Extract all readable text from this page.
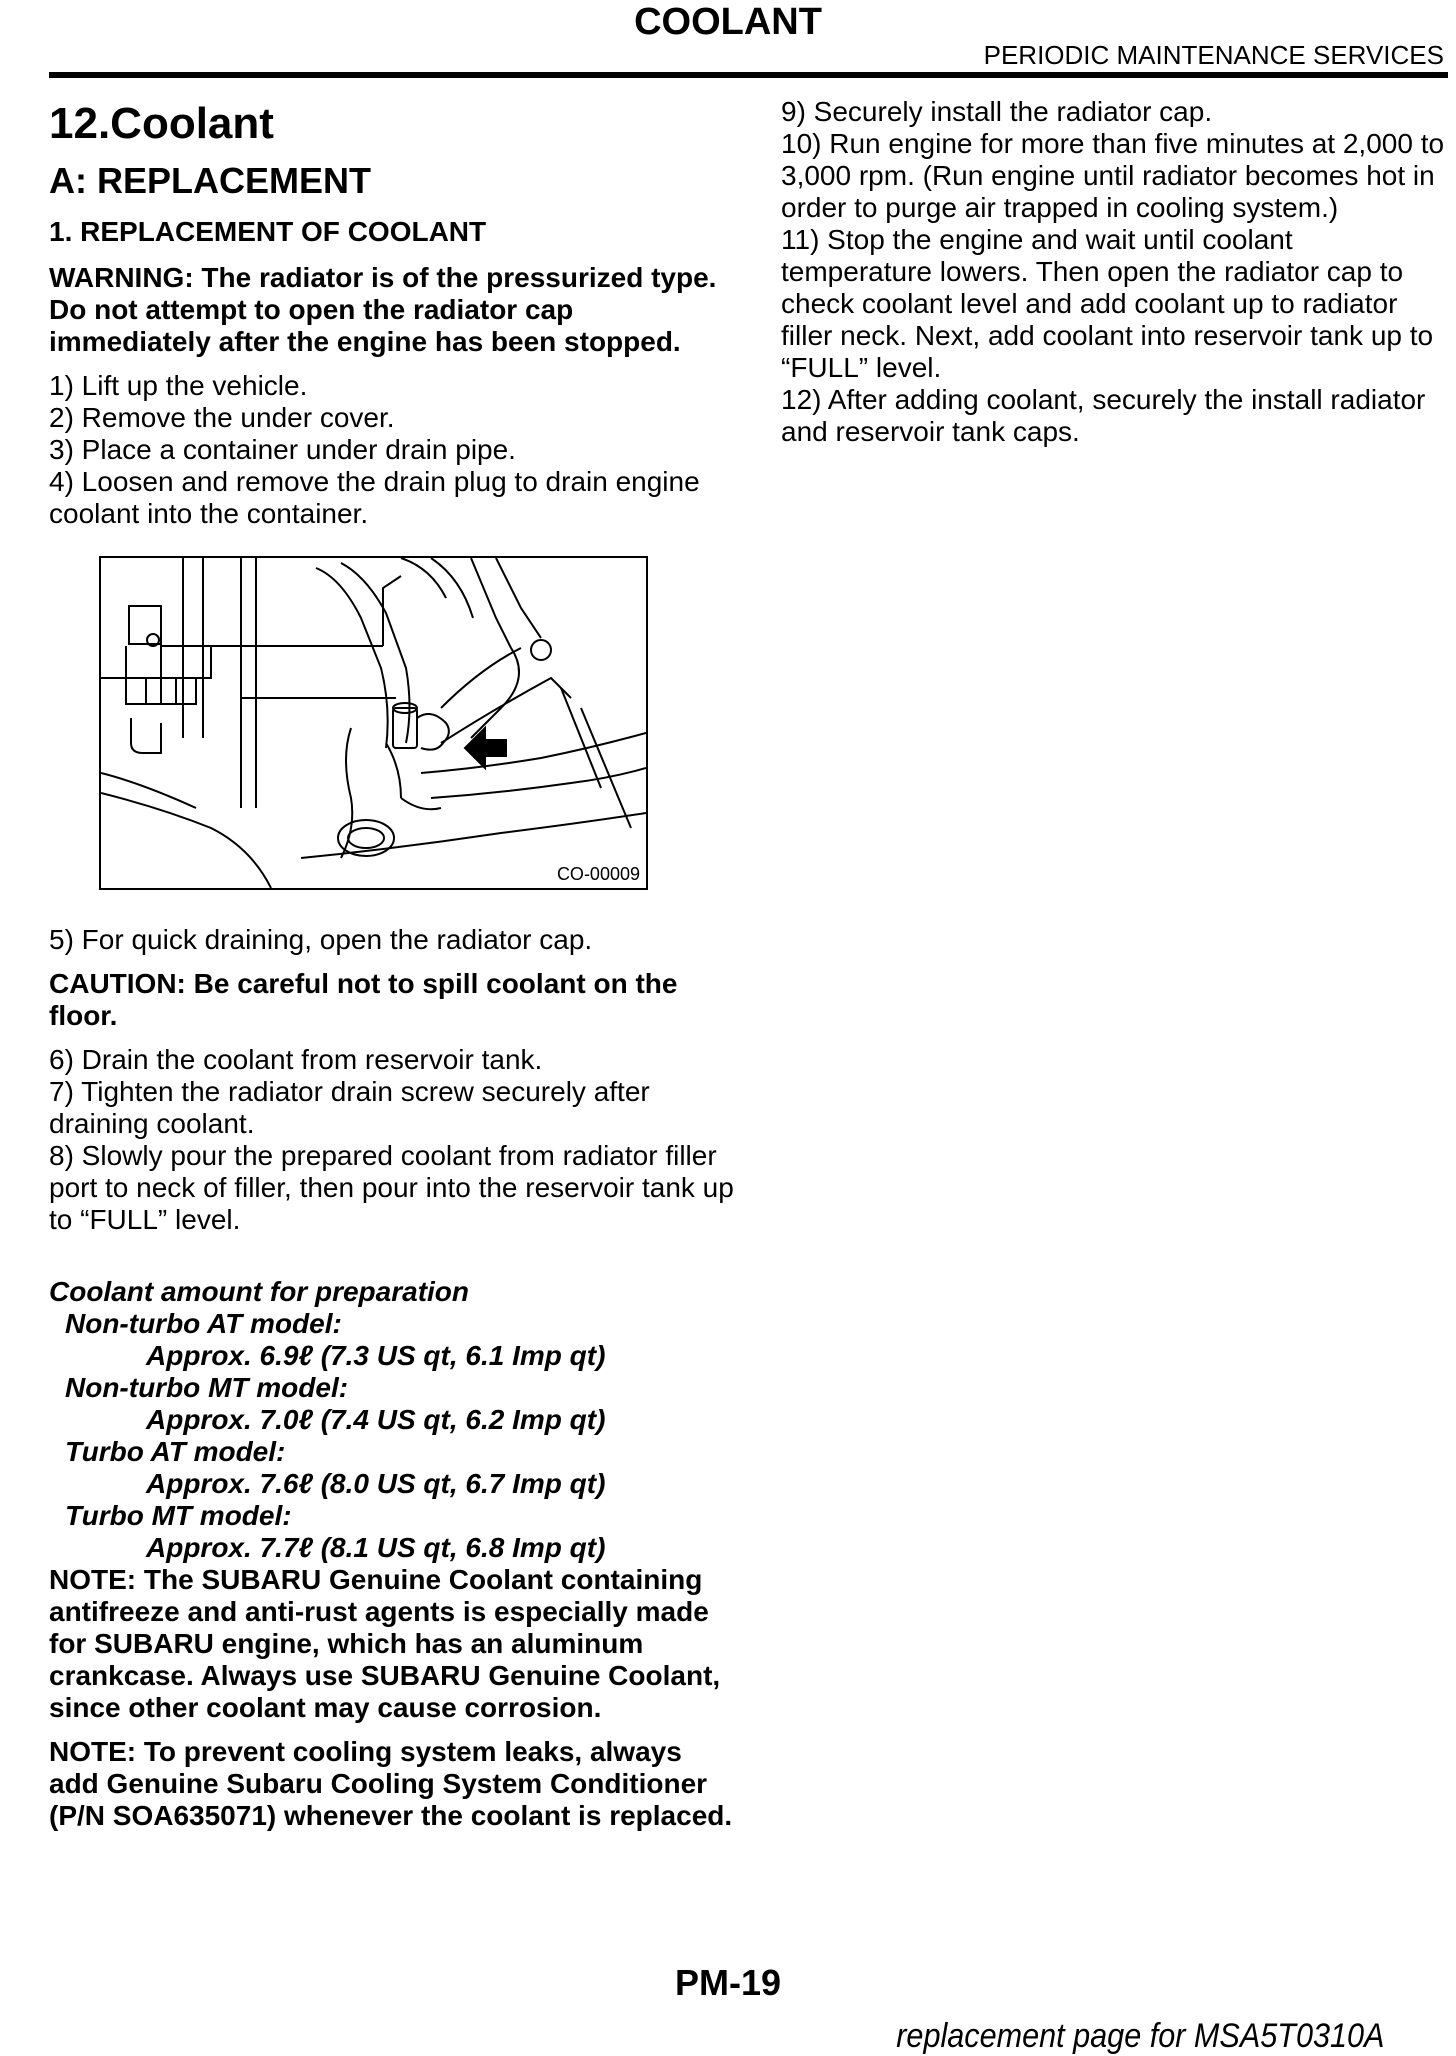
COOLANT
PERIODIC MAINTENANCE SERVICES
12.Coolant
A: REPLACEMENT
1. REPLACEMENT OF COOLANT
WARNING: The radiator is of the pressurized type. Do not attempt to open the radiator cap immediately after the engine has been stopped.
1) Lift up the vehicle.
2) Remove the under cover.
3) Place a container under drain pipe.
4) Loosen and remove the drain plug to drain engine coolant into the container.
CO-00009
5) For quick draining, open the radiator cap.
CAUTION: Be careful not to spill coolant on the floor.
6) Drain the coolant from reservoir tank.
7) Tighten the radiator drain screw securely after draining coolant.
8) Slowly pour the prepared coolant from radiator filler port to neck of filler, then pour into the reservoir tank up to “FULL” level.
Coolant amount for preparation
Non-turbo AT model:
Approx. 6.9ℓ (7.3 US qt, 6.1 Imp qt)
Non-turbo MT model:
Approx. 7.0ℓ (7.4 US qt, 6.2 Imp qt)
Turbo AT model:
Approx. 7.6ℓ (8.0 US qt, 6.7 Imp qt)
Turbo MT model:
Approx. 7.7ℓ (8.1 US qt, 6.8 Imp qt)
NOTE: The SUBARU Genuine Coolant containing antifreeze and anti-rust agents is especially made for SUBARU engine, which has an aluminum crankcase. Always use SUBARU Genuine Coolant, since other coolant may cause corrosion.
NOTE: To prevent cooling system leaks, always add Genuine Subaru Cooling System Conditioner (P/N SOA635071) whenever the coolant is replaced.
9) Securely install the radiator cap.
10) Run engine for more than five minutes at 2,000 to 3,000 rpm. (Run engine until radiator becomes hot in order to purge air trapped in cooling system.)
11) Stop the engine and wait until coolant temperature lowers. Then open the radiator cap to check coolant level and add coolant up to radiator filler neck. Next, add coolant into reservoir tank up to “FULL” level.
12) After adding coolant, securely the install radiator and reservoir tank caps.
PM-19
replacement page for MSA5T0310A
